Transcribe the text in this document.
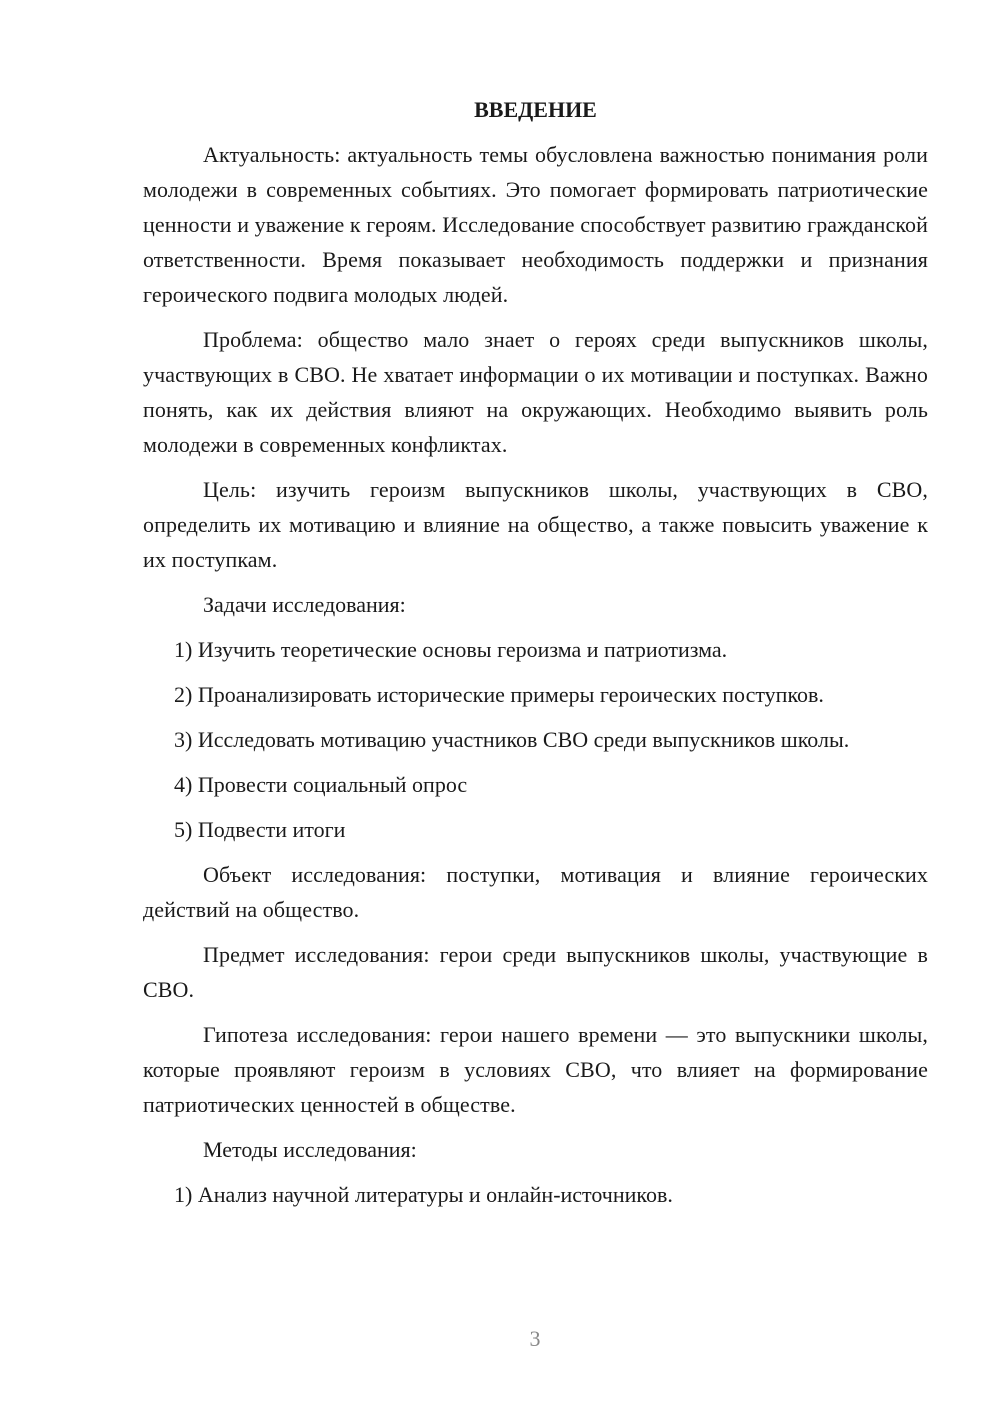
ВВЕДЕНИЕ

Актуальность: актуальность темы обусловлена важностью понимания роли молодежи в современных событиях. Это помогает формировать патриотические ценности и уважение к героям. Исследование способствует развитию гражданской ответственности. Время показывает необходимость поддержки и признания героического подвига молодых людей.

Проблема: общество мало знает о героях среди выпускников школы, участвующих в СВО. Не хватает информации о их мотивации и поступках. Важно понять, как их действия влияют на окружающих. Необходимо выявить роль молодежи в современных конфликтах.

Цель: изучить героизм выпускников школы, участвующих в СВО, определить их мотивацию и влияние на общество, а также повысить уважение к их поступкам.

Задачи исследования:

1) Изучить теоретические основы героизма и патриотизма.

2) Проанализировать исторические примеры героических поступков.

3) Исследовать мотивацию участников СВО среди выпускников школы.

4) Провести социальный опрос

5) Подвести итоги

Объект исследования: поступки, мотивация и влияние героических действий на общество.

Предмет исследования: герои среди выпускников школы, участвующие в СВО.

Гипотеза исследования: герои нашего времени — это выпускники школы, которые проявляют героизм в условиях СВО, что влияет на формирование патриотических ценностей в обществе.

Методы исследования:

1) Анализ научной литературы и онлайн-источников.

3
